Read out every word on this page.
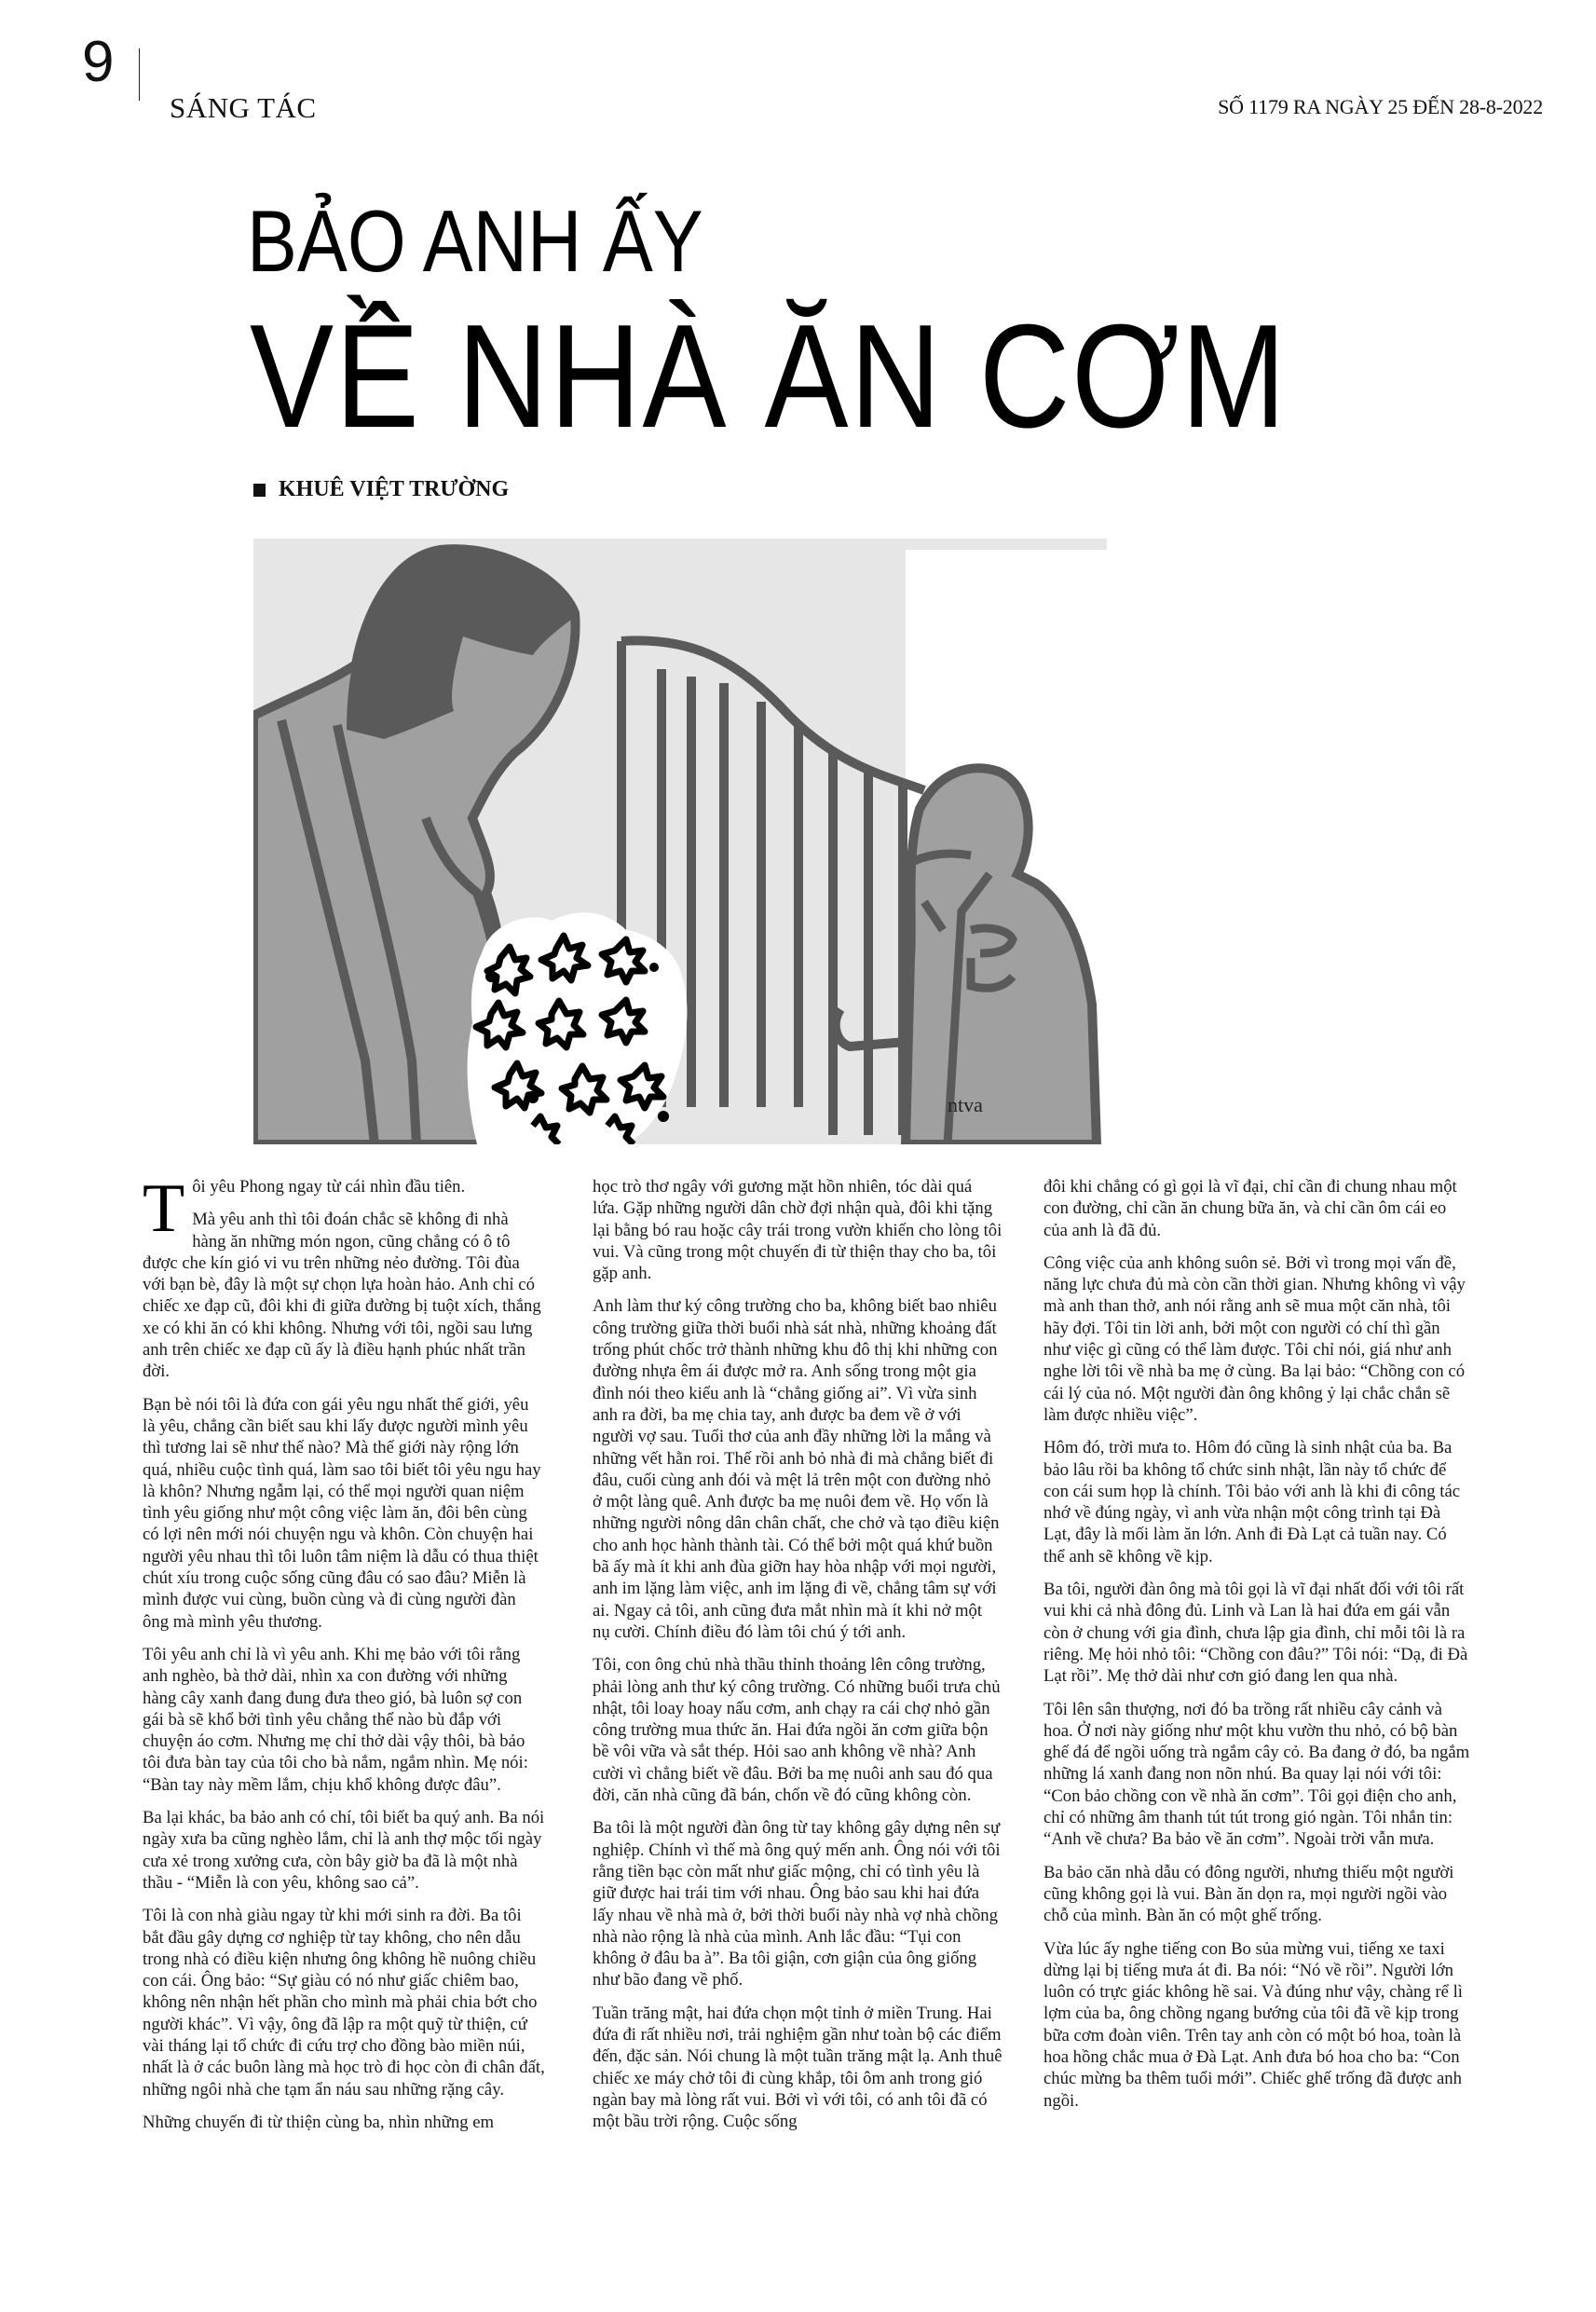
9
SÁNG TÁC	SỐ 1179 RA NGÀY 25 ĐẾN 28-8-2022
BẢO ANH ẤY
VỀ NHÀ ĂN CƠM
KHUÊ VIỆT TRƯỜNG
ntva

Tôi yêu Phong ngay từ cái nhìn đầu tiên.

Mà yêu anh thì tôi đoán chắc sẽ không đi nhà hàng ăn những món ngon, cũng chẳng có ô tô được che kín gió vi vu trên những nẻo đường. Tôi đùa với bạn bè, đây là một sự chọn lựa hoàn hảo. Anh chỉ có chiếc xe đạp cũ, đôi khi đi giữa đường bị tuột xích, thắng xe có khi ăn có khi không. Nhưng với tôi, ngồi sau lưng anh trên chiếc xe đạp cũ ấy là điều hạnh phúc nhất trần đời.

Bạn bè nói tôi là đứa con gái yêu ngu nhất thế giới, yêu là yêu, chẳng cần biết sau khi lấy được người mình yêu thì tương lai sẽ như thế nào? Mà thế giới này rộng lớn quá, nhiều cuộc tình quá, làm sao tôi biết tôi yêu ngu hay là khôn? Nhưng ngẫm lại, có thể mọi người quan niệm tình yêu giống như một công việc làm ăn, đôi bên cùng có lợi nên mới nói chuyện ngu và khôn. Còn chuyện hai người yêu nhau thì tôi luôn tâm niệm là dẫu có thua thiệt chút xíu trong cuộc sống cũng đâu có sao đâu? Miễn là mình được vui cùng, buồn cùng và đi cùng người đàn ông mà mình yêu thương.

Tôi yêu anh chỉ là vì yêu anh. Khi mẹ bảo với tôi rằng anh nghèo, bà thở dài, nhìn xa con đường với những hàng cây xanh đang đung đưa theo gió, bà luôn sợ con gái bà sẽ khổ bởi tình yêu chẳng thể nào bù đắp với chuyện áo cơm. Nhưng mẹ chỉ thở dài vậy thôi, bà bảo tôi đưa bàn tay của tôi cho bà nắm, ngắm nhìn. Mẹ nói: “Bàn tay này mềm lắm, chịu khổ không được đâu”.

Ba lại khác, ba bảo anh có chí, tôi biết ba quý anh. Ba nói ngày xưa ba cũng nghèo lắm, chỉ là anh thợ mộc tối ngày cưa xẻ trong xưởng cưa, còn bây giờ ba đã là một nhà thầu - “Miễn là con yêu, không sao cả”.

Tôi là con nhà giàu ngay từ khi mới sinh ra đời. Ba tôi bắt đầu gây dựng cơ nghiệp từ tay không, cho nên dẫu trong nhà có điều kiện nhưng ông không hề nuông chiều con cái. Ông bảo: “Sự giàu có nó như giấc chiêm bao, không nên nhận hết phần cho mình mà phải chia bớt cho người khác”. Vì vậy, ông đã lập ra một quỹ từ thiện, cứ vài tháng lại tổ chức đi cứu trợ cho đồng bào miền núi, nhất là ở các buôn làng mà học trò đi học còn đi chân đất, những ngôi nhà che tạm ẩn náu sau những rặng cây.

Những chuyến đi từ thiện cùng ba, nhìn những em

học trò thơ ngây với gương mặt hồn nhiên, tóc dài quá lứa. Gặp những người dân chờ đợi nhận quà, đôi khi tặng lại bằng bó rau hoặc cây trái trong vườn khiến cho lòng tôi vui. Và cũng trong một chuyến đi từ thiện thay cho ba, tôi gặp anh.

Anh làm thư ký công trường cho ba, không biết bao nhiêu công trường giữa thời buổi nhà sát nhà, những khoảng đất trống phút chốc trở thành những khu đô thị khi những con đường nhựa êm ái được mở ra. Anh sống trong một gia đình nói theo kiểu anh là “chẳng giống ai”. Vì vừa sinh anh ra đời, ba mẹ chia tay, anh được ba đem về ở với người vợ sau. Tuổi thơ của anh đầy những lời la mắng và những vết hằn roi. Thế rồi anh bỏ nhà đi mà chẳng biết đi đâu, cuối cùng anh đói và mệt lả trên một con đường nhỏ ở một làng quê. Anh được ba mẹ nuôi đem về. Họ vốn là những người nông dân chân chất, che chở và tạo điều kiện cho anh học hành thành tài. Có thể bởi một quá khứ buồn bã ấy mà ít khi anh đùa giỡn hay hòa nhập với mọi người, anh im lặng làm việc, anh im lặng đi về, chẳng tâm sự với ai. Ngay cả tôi, anh cũng đưa mắt nhìn mà ít khi nở một nụ cười. Chính điều đó làm tôi chú ý tới anh.

Tôi, con ông chủ nhà thầu thỉnh thoảng lên công trường, phải lòng anh thư ký công trường. Có những buổi trưa chủ nhật, tôi loay hoay nấu cơm, anh chạy ra cái chợ nhỏ gần công trường mua thức ăn. Hai đứa ngồi ăn cơm giữa bộn bề vôi vữa và sắt thép. Hỏi sao anh không về nhà? Anh cười vì chẳng biết về đâu. Bởi ba mẹ nuôi anh sau đó qua đời, căn nhà cũng đã bán, chốn về đó cũng không còn.

Ba tôi là một người đàn ông từ tay không gây dựng nên sự nghiệp. Chính vì thế mà ông quý mến anh. Ông nói với tôi rằng tiền bạc còn mất như giấc mộng, chỉ có tình yêu là giữ được hai trái tim với nhau. Ông bảo sau khi hai đứa lấy nhau về nhà mà ở, bởi thời buổi này nhà vợ nhà chồng nhà nào rộng là nhà của mình. Anh lắc đầu: “Tụi con không ở đâu ba à”. Ba tôi giận, cơn giận của ông giống như bão đang về phố.

Tuần trăng mật, hai đứa chọn một tỉnh ở miền Trung. Hai đứa đi rất nhiều nơi, trải nghiệm gần như toàn bộ các điểm đến, đặc sản. Nói chung là một tuần trăng mật lạ. Anh thuê chiếc xe máy chở tôi đi cùng khắp, tôi ôm anh trong gió ngàn bay mà lòng rất vui. Bởi vì với tôi, có anh tôi đã có một bầu trời rộng. Cuộc sống

đôi khi chẳng có gì gọi là vĩ đại, chỉ cần đi chung nhau một con đường, chỉ cần ăn chung bữa ăn, và chỉ cần ôm cái eo của anh là đã đủ.

Công việc của anh không suôn sẻ. Bởi vì trong mọi vấn đề, năng lực chưa đủ mà còn cần thời gian. Nhưng không vì vậy mà anh than thở, anh nói rằng anh sẽ mua một căn nhà, tôi hãy đợi. Tôi tin lời anh, bởi một con người có chí thì gần như việc gì cũng có thể làm được. Tôi chỉ nói, giá như anh nghe lời tôi về nhà ba mẹ ở cùng. Ba lại bảo: “Chồng con có cái lý của nó. Một người đàn ông không ỷ lại chắc chắn sẽ làm được nhiều việc”.

Hôm đó, trời mưa to. Hôm đó cũng là sinh nhật của ba. Ba bảo lâu rồi ba không tổ chức sinh nhật, lần này tổ chức để con cái sum họp là chính. Tôi bảo với anh là khi đi công tác nhớ về đúng ngày, vì anh vừa nhận một công trình tại Đà Lạt, đây là mối làm ăn lớn. Anh đi Đà Lạt cả tuần nay. Có thể anh sẽ không về kịp.

Ba tôi, người đàn ông mà tôi gọi là vĩ đại nhất đối với tôi rất vui khi cả nhà đông đủ. Linh và Lan là hai đứa em gái vẫn còn ở chung với gia đình, chưa lập gia đình, chỉ mỗi tôi là ra riêng. Mẹ hỏi nhỏ tôi: “Chồng con đâu?” Tôi nói: “Dạ, đi Đà Lạt rồi”. Mẹ thở dài như cơn gió đang len qua nhà.

Tôi lên sân thượng, nơi đó ba trồng rất nhiều cây cảnh và hoa. Ở nơi này giống như một khu vườn thu nhỏ, có bộ bàn ghế đá để ngồi uống trà ngắm cây cỏ. Ba đang ở đó, ba ngắm những lá xanh đang non nõn nhú. Ba quay lại nói với tôi: “Con bảo chồng con về nhà ăn cơm”. Tôi gọi điện cho anh, chỉ có những âm thanh tút tút trong gió ngàn. Tôi nhắn tin: “Anh về chưa? Ba bảo về ăn cơm”. Ngoài trời vẫn mưa.

Ba bảo căn nhà dẫu có đông người, nhưng thiếu một người cũng không gọi là vui. Bàn ăn dọn ra, mọi người ngồi vào chỗ của mình. Bàn ăn có một ghế trống.

Vừa lúc ấy nghe tiếng con Bo sủa mừng vui, tiếng xe taxi dừng lại bị tiếng mưa át đi. Ba nói: “Nó về rồi”. Người lớn luôn có trực giác không hề sai. Và đúng như vậy, chàng rể lì lợm của ba, ông chồng ngang bướng của tôi đã về kịp trong bữa cơm đoàn viên. Trên tay anh còn có một bó hoa, toàn là hoa hồng chắc mua ở Đà Lạt. Anh đưa bó hoa cho ba: “Con chúc mừng ba thêm tuổi mới”. Chiếc ghế trống đã được anh ngồi.
